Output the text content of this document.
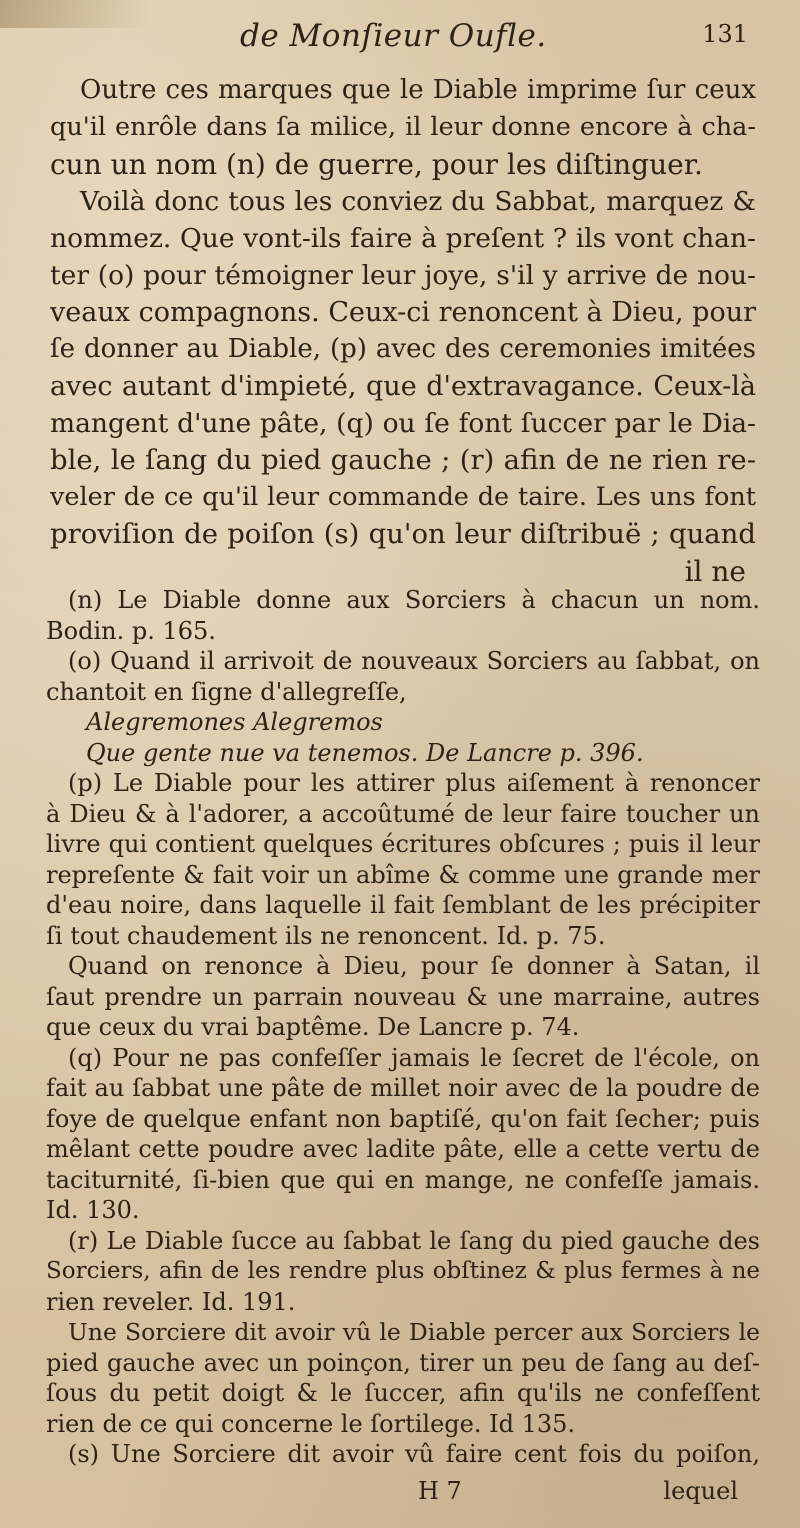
de Monſieur Oufle.	131
Outre ces marques que le Diable imprime ſur ceux
qu'il enrôle dans ſa milice, il leur donne encore à cha-
cun un nom (n) de guerre, pour les diſtinguer.
Voilà donc tous les conviez du Sabbat, marquez &
nommez. Que vont-ils faire à preſent ? ils vont chan-
ter (o) pour témoigner leur joye, s'il y arrive de nou-
veaux compagnons. Ceux-ci renoncent à Dieu, pour
ſe donner au Diable, (p) avec des ceremonies imitées
avec autant d'impieté, que d'extravagance. Ceux-là
mangent d'une pâte, (q) ou ſe font ſuccer par le Dia-
ble, le ſang du pied gauche ; (r) afin de ne rien re-
veler de ce qu'il leur commande de taire. Les uns font
proviſion de poiſon (s) qu'on leur diſtribuë ; quand
il ne
(n) Le Diable donne aux Sorciers à chacun un nom.
Bodin. p. 165.
(o) Quand il arrivoit de nouveaux Sorciers au ſabbat, on
chantoit en ſigne d'allegreſſe,
Alegremones Alegremos
Que gente nue va tenemos. De Lancre p. 396.
(p) Le Diable pour les attirer plus aiſement à renoncer
à Dieu & à l'adorer, a accoûtumé de leur faire toucher un
livre qui contient quelques écritures obſcures ; puis il leur
repreſente & fait voir un abîme & comme une grande mer
d'eau noire, dans laquelle il fait ſemblant de les précipiter
ſi tout chaudement ils ne renoncent. Id. p. 75.
Quand on renonce à Dieu, pour ſe donner à Satan, il
ſaut prendre un parrain nouveau & une marraine, autres
que ceux du vrai baptême. De Lancre p. 74.
(q) Pour ne pas confeſſer jamais le ſecret de l'école, on
fait au ſabbat une pâte de millet noir avec de la poudre de
foye de quelque enfant non baptiſé, qu'on fait ſecher; puis
mêlant cette poudre avec ladite pâte, elle a cette vertu de
taciturnité, ſi-bien que qui en mange, ne confeſſe jamais.
Id. 130.
(r) Le Diable ſucce au ſabbat le ſang du pied gauche des
Sorciers, afin de les rendre plus obſtinez & plus fermes à ne
rien reveler. Id. 191.
Une Sorciere dit avoir vû le Diable percer aux Sorciers le
pied gauche avec un poinçon, tirer un peu de ſang au deſ-
ſous du petit doigt & le ſuccer, afin qu'ils ne confeſſent
rien de ce qui concerne le ſortilege. Id 135.
(s) Une Sorciere dit avoir vû faire cent fois du poiſon,
H 7	lequel
